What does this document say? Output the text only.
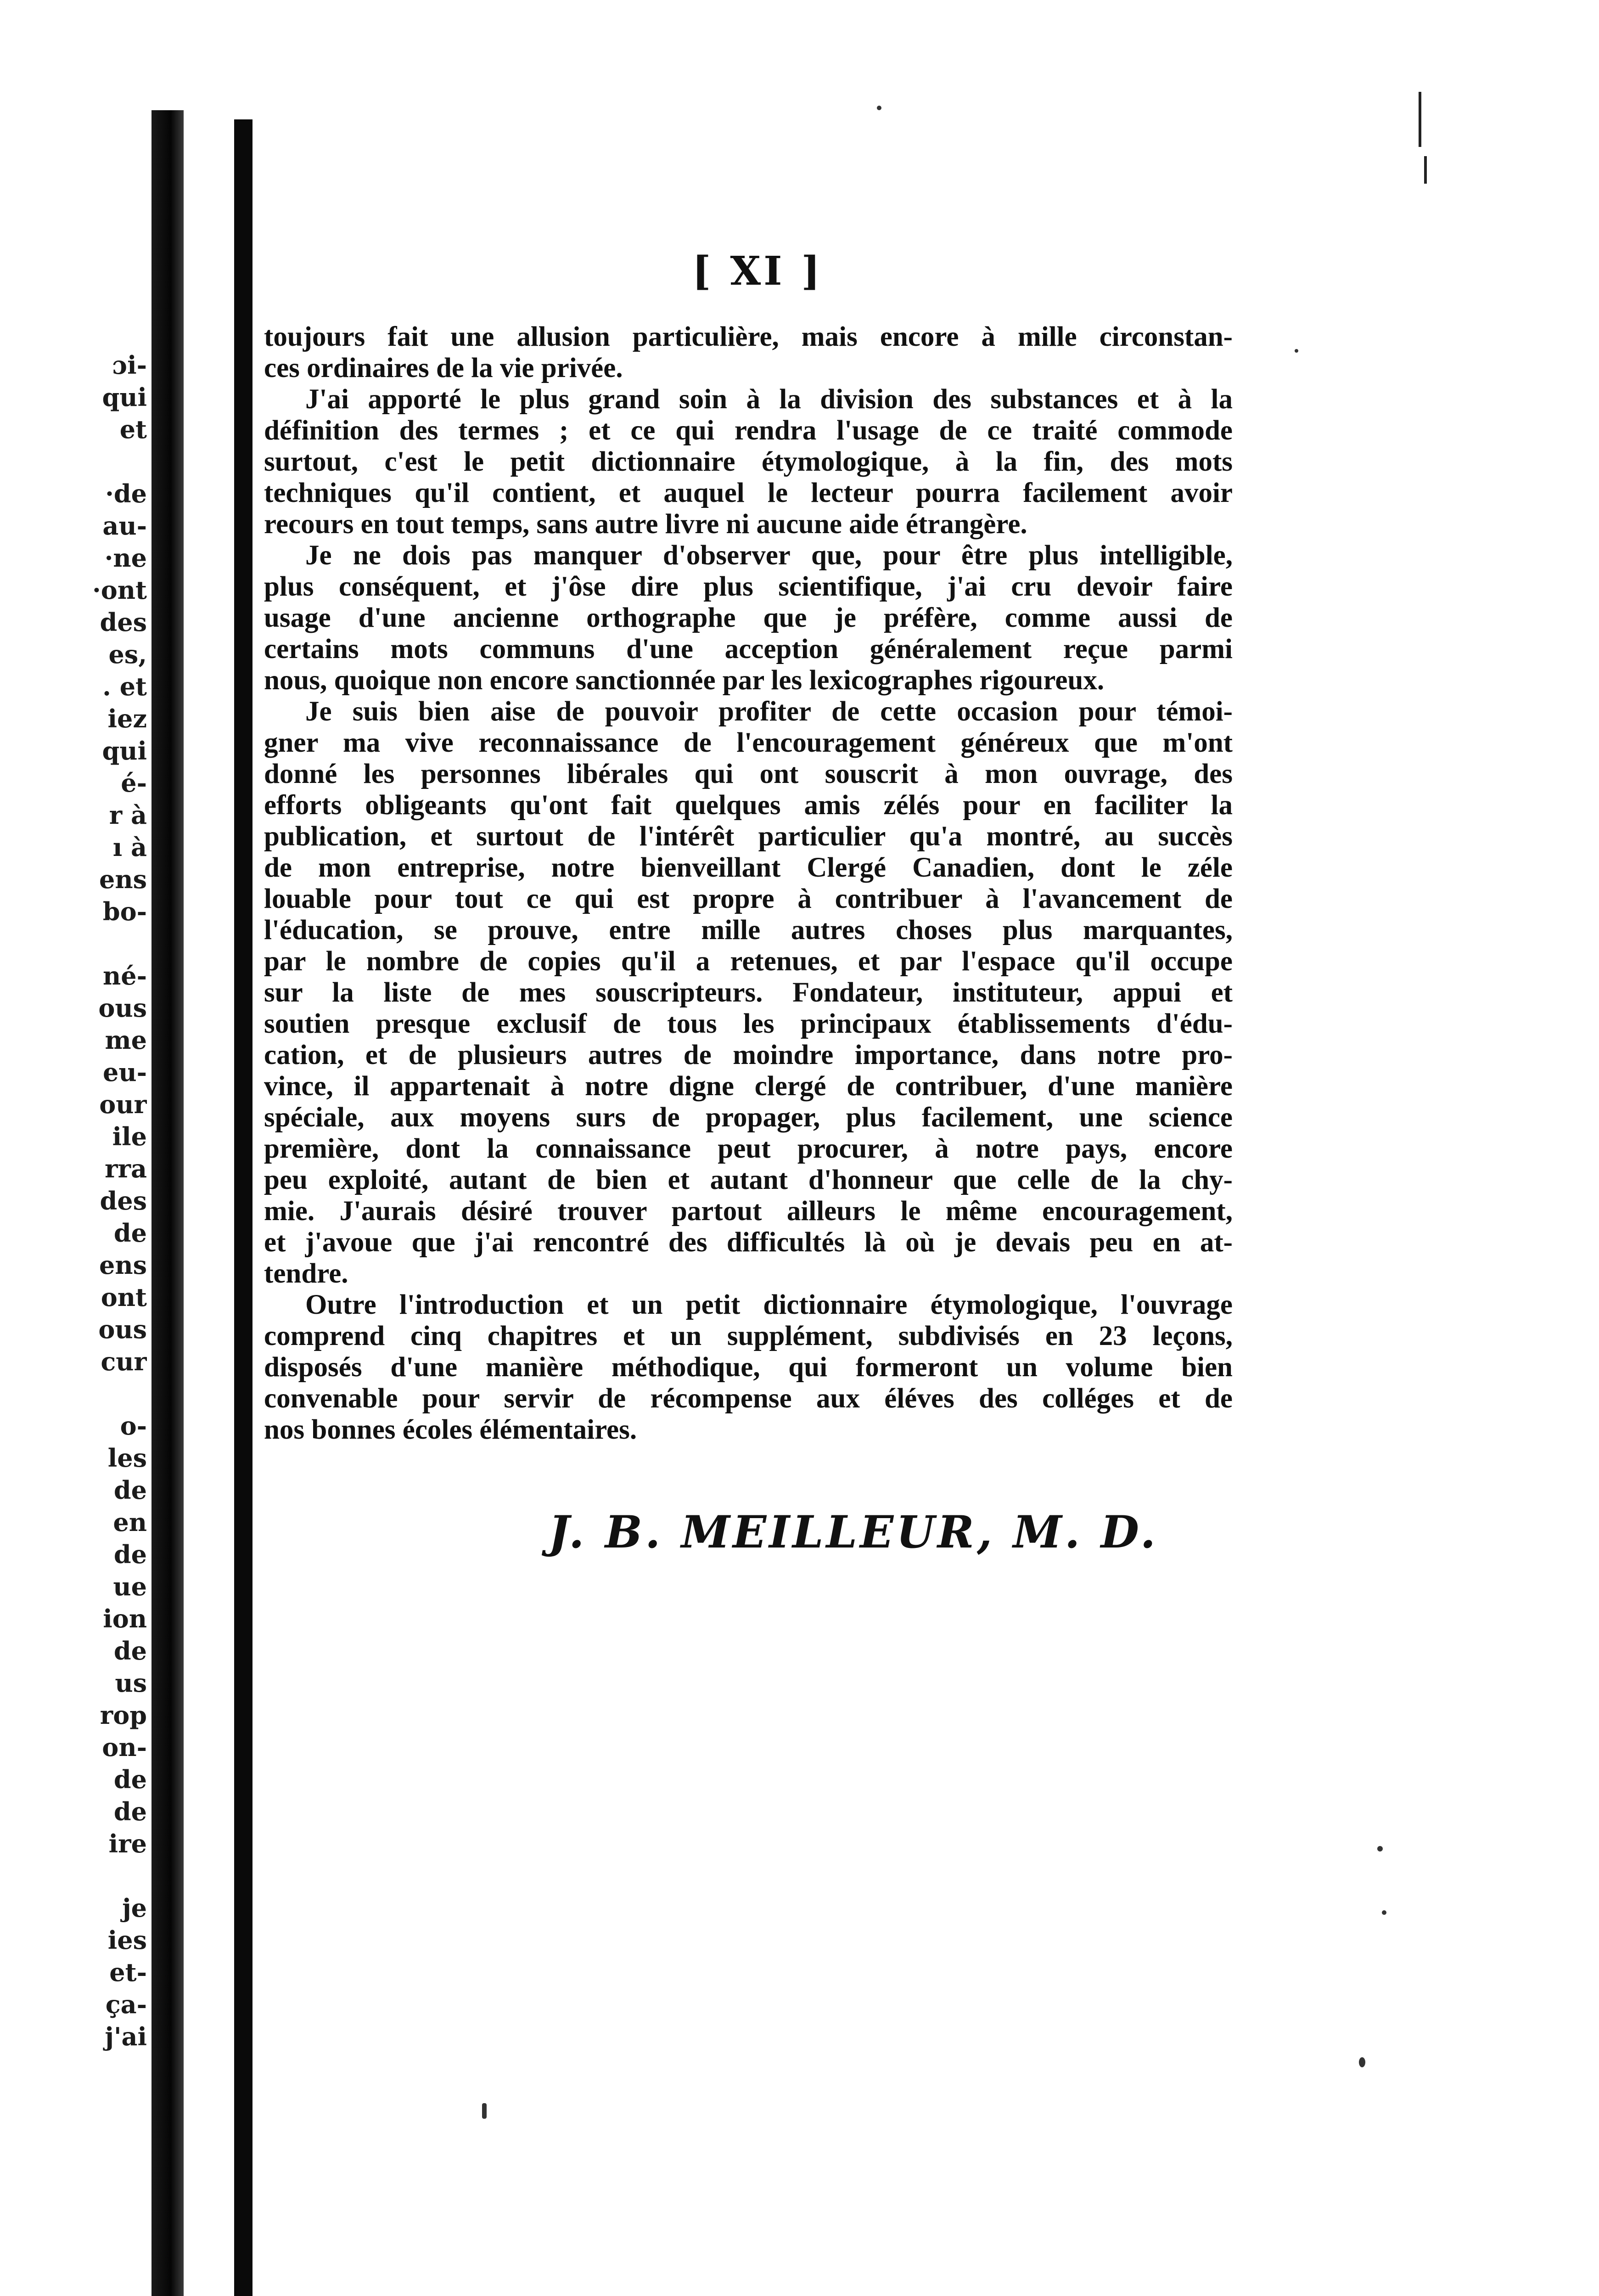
ɔi-
qui
et
·de
au-
·ne
·ont
des
es,
. et
iez
qui
é-
r à
ı à
ens
bo-
né-
ous
me
eu-
our
ile
rra
des
de
ens
ont
ous
cur
o-
les
de
en
de
ue
ion
de
us
rop
on-
de
de
ire
je
ies
et-
ça-
j'ai
[ XI ]
toujours fait une allusion particulière, mais encore à mille circonstan-
ces ordinaires de la vie privée.
J'ai apporté le plus grand soin à la division des substances et à la
définition des termes ; et ce qui rendra l'usage de ce traité commode
surtout, c'est le petit dictionnaire étymologique, à la fin, des mots
techniques qu'il contient, et auquel le lecteur pourra facilement avoir
recours en tout temps, sans autre livre ni aucune aide étrangère.
Je ne dois pas manquer d'observer que, pour être plus intelligible,
plus conséquent, et j'ôse dire plus scientifique, j'ai cru devoir faire
usage d'une ancienne orthographe que je préfère, comme aussi de
certains mots communs d'une acception généralement reçue parmi
nous, quoique non encore sanctionnée par les lexicographes rigoureux.
Je suis bien aise de pouvoir profiter de cette occasion pour témoi-
gner ma vive reconnaissance de l'encouragement généreux que m'ont
donné les personnes libérales qui ont souscrit à mon ouvrage, des
efforts obligeants qu'ont fait quelques amis zélés pour en faciliter la
publication, et surtout de l'intérêt particulier qu'a montré, au succès
de mon entreprise, notre bienveillant Clergé Canadien, dont le zéle
louable pour tout ce qui est propre à contribuer à l'avancement de
l'éducation, se prouve, entre mille autres choses plus marquantes,
par le nombre de copies qu'il a retenues, et par l'espace qu'il occupe
sur la liste de mes souscripteurs. Fondateur, instituteur, appui et
soutien presque exclusif de tous les principaux établissements d'édu-
cation, et de plusieurs autres de moindre importance, dans notre pro-
vince, il appartenait à notre digne clergé de contribuer, d'une manière
spéciale, aux moyens surs de propager, plus facilement, une science
première, dont la connaissance peut procurer, à notre pays, encore
peu exploité, autant de bien et autant d'honneur que celle de la chy-
mie. J'aurais désiré trouver partout ailleurs le même encouragement,
et j'avoue que j'ai rencontré des difficultés là où je devais peu en at-
tendre.
Outre l'introduction et un petit dictionnaire étymologique, l'ouvrage
comprend cinq chapitres et un supplément, subdivisés en 23 leçons,
disposés d'une manière méthodique, qui formeront un volume bien
convenable pour servir de récompense aux éléves des colléges et de
nos bonnes écoles élémentaires.
J. B. MEILLEUR, M. D.
